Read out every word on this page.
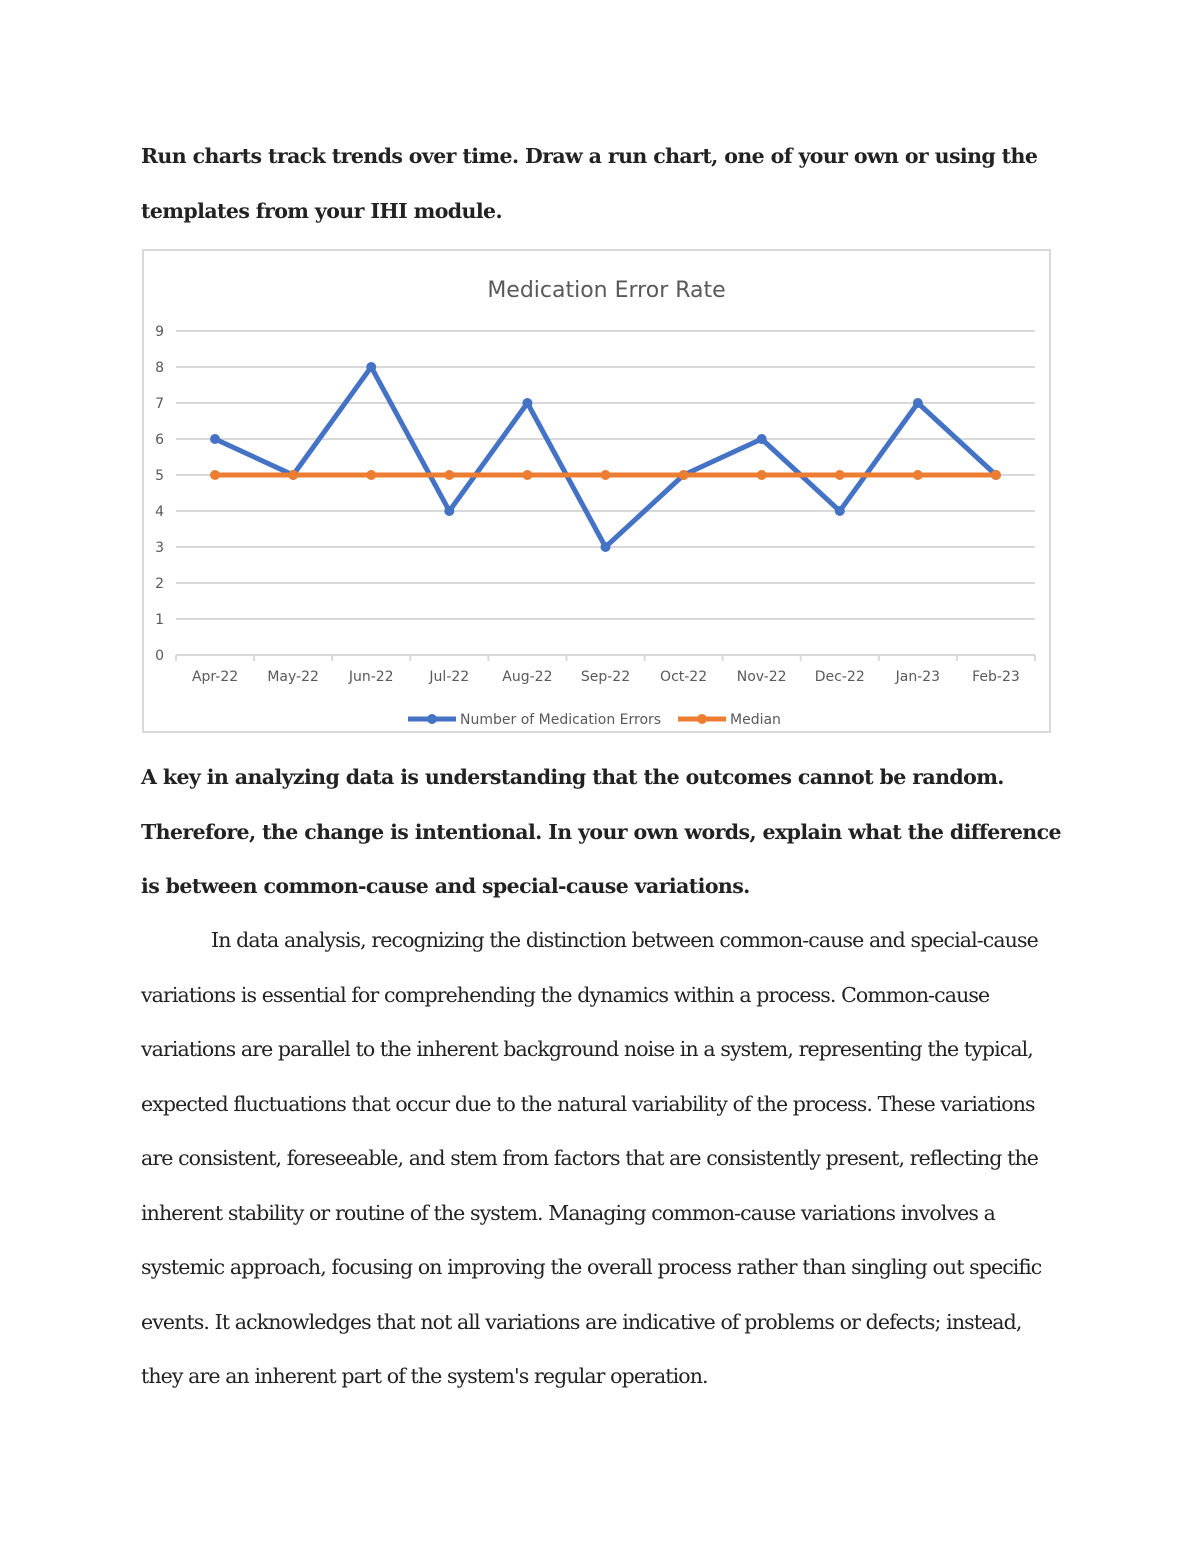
Run charts track trends over time. Draw a run chart, one of your own or using the templates from your IHI module.

Medication Error Rate
0
1
2
3
4
5
6
7
8
9
Apr-22 May-22 Jun-22	Jul-22 Aug-22 Sep-22 Oct-22 Nov-22 Dec-22 Jan-23 Feb-23
Number of Medication Errors	Median

A key in analyzing data is understanding that the outcomes cannot be random. Therefore, the change is intentional. In your own words, explain what the difference is between common-cause and special-cause variations.

In data analysis, recognizing the distinction between common-cause and special-cause variations is essential for comprehending the dynamics within a process. Common-cause variations are parallel to the inherent background noise in a system, representing the typical, expected fluctuations that occur due to the natural variability of the process. These variations are consistent, foreseeable, and stem from factors that are consistently present, reflecting the inherent stability or routine of the system. Managing common-cause variations involves a systemic approach, focusing on improving the overall process rather than singling out specific events. It acknowledges that not all variations are indicative of problems or defects; instead, they are an inherent part of the system's regular operation.
